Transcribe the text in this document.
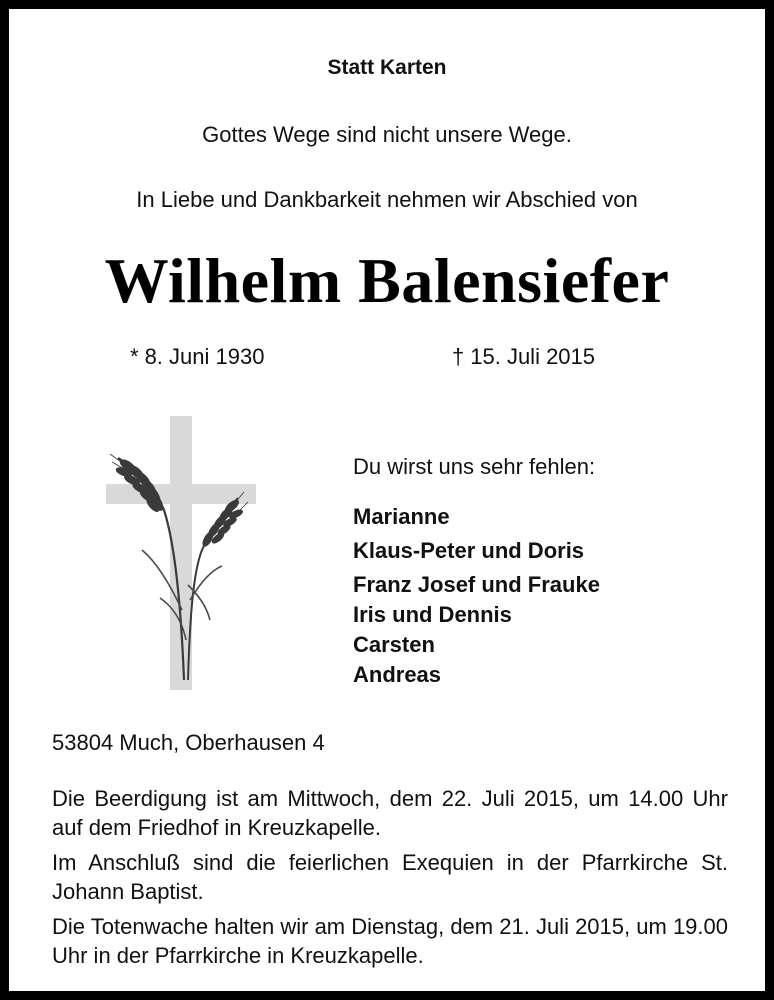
Statt Karten
Gottes Wege sind nicht unsere Wege.
In Liebe und Dankbarkeit nehmen wir Abschied von
Wilhelm Balensiefer
* 8. Juni 1930	† 15. Juli 2015
Du wirst uns sehr fehlen:
Marianne
Klaus-Peter und Doris
Franz Josef und Frauke
Iris und Dennis
Carsten
Andreas
53804 Much, Oberhausen 4

Die Beerdigung ist am Mittwoch, dem 22. Juli 2015, um 14.00 Uhr auf dem Friedhof in Kreuzkapelle.

Im Anschluß sind die feierlichen Exequien in der Pfarrkirche St. Johann Baptist.

Die Totenwache halten wir am Dienstag, dem 21. Juli 2015, um 19.00 Uhr in der Pfarrkirche in Kreuzkapelle.
